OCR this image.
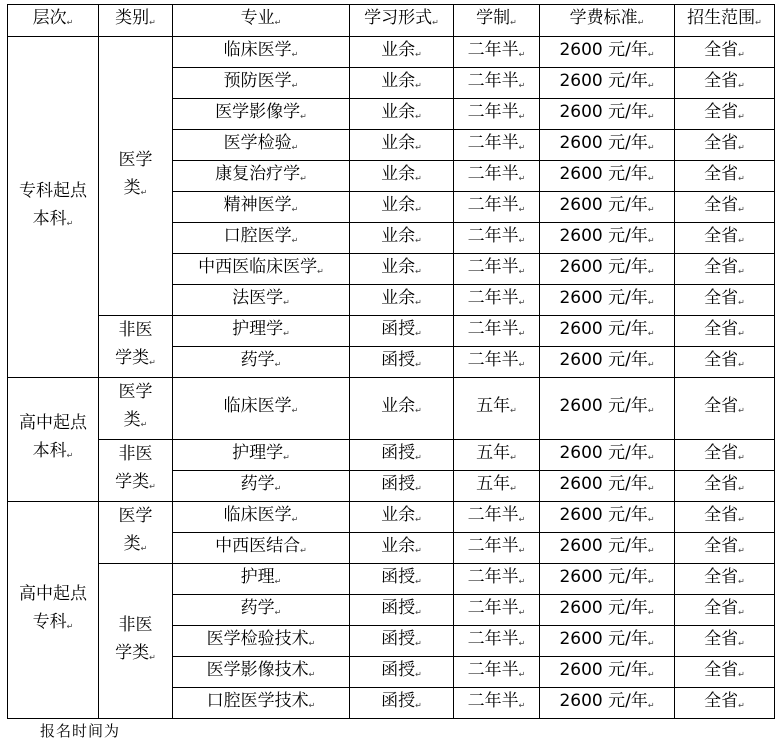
层次 ↵	类别 ↵	专业 ↵	学习形式 ↵	学制 ↵	学费标准 ↵	招生范围 ↵
专科起点本科 ↵	医学类 ↵	临床医学 ↵	业余 ↵	二年半 ↵	2600 元/年 ↵	全省 ↵
		预防医学 ↵	业余 ↵	二年半 ↵	2600 元/年 ↵	全省 ↵
		医学影像学 ↵	业余 ↵	二年半 ↵	2600 元/年 ↵	全省 ↵
		医学检验 ↵	业余 ↵	二年半 ↵	2600 元/年 ↵	全省 ↵
		康复治疗学 ↵	业余 ↵	二年半 ↵	2600 元/年 ↵	全省 ↵
		精神医学 ↵	业余 ↵	二年半 ↵	2600 元/年 ↵	全省 ↵
		口腔医学 ↵	业余 ↵	二年半 ↵	2600 元/年 ↵	全省 ↵
		中西医临床医学 ↵	业余 ↵	二年半 ↵	2600 元/年 ↵	全省 ↵
		法医学 ↵	业余 ↵	二年半 ↵	2600 元/年 ↵	全省 ↵
	非医学类 ↵	护理学 ↵	函授 ↵	二年半 ↵	2600 元/年 ↵	全省 ↵
		药学 ↵	函授 ↵	二年半 ↵	2600 元/年 ↵	全省 ↵
高中起点本科 ↵	医学类 ↵	临床医学 ↵	业余 ↵	五年 ↵	2600 元/年 ↵	全省 ↵
	非医学类 ↵	护理学 ↵	函授 ↵	五年 ↵	2600 元/年 ↵	全省 ↵
		药学 ↵	函授 ↵	五年 ↵	2600 元/年 ↵	全省 ↵
高中起点专科 ↵	医学类 ↵	临床医学 ↵	业余 ↵	二年半 ↵	2600 元/年 ↵	全省 ↵
		中西医结合 ↵	业余 ↵	二年半 ↵	2600 元/年 ↵	全省 ↵
	非医学类 ↵	护理 ↵	函授 ↵	二年半 ↵	2600 元/年 ↵	全省 ↵
		药学 ↵	函授 ↵	二年半 ↵	2600 元/年 ↵	全省 ↵
		医学检验技术 ↵	函授 ↵	二年半 ↵	2600 元/年 ↵	全省 ↵
		医学影像技术 ↵	函授 ↵	二年半 ↵	2600 元/年 ↵	全省 ↵
		口腔医学技术 ↵	函授 ↵	二年半 ↵	2600 元/年 ↵	全省 ↵
报名时间为
